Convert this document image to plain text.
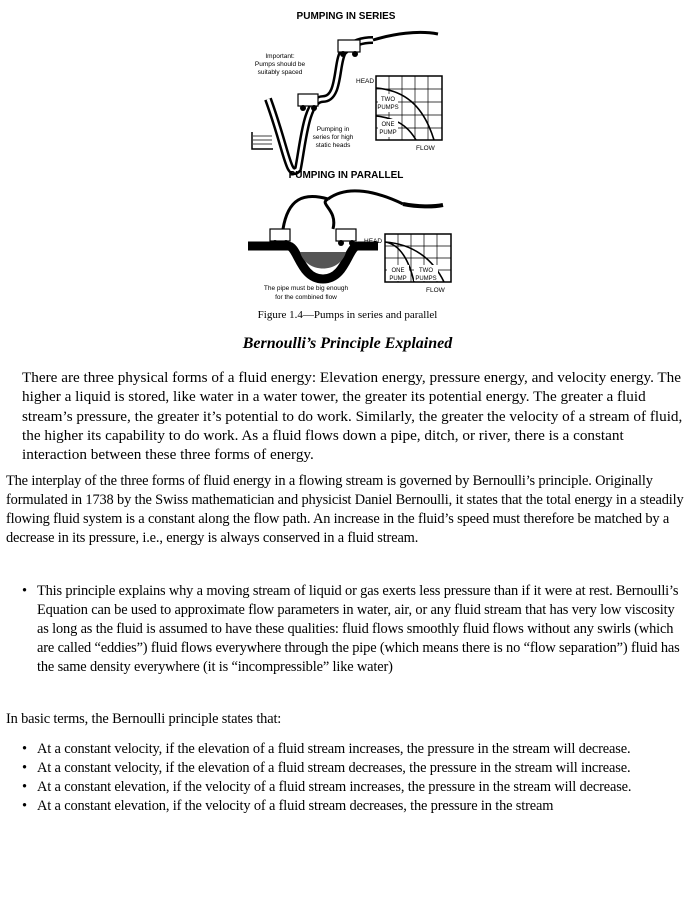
PUMPING IN SERIES
Important:
Pumps should be
suitably spaced
Pumping in
series for high
static heads
HEAD
TWO
PUMPS
ONE
PUMP
FLOW
PUMPING IN PARALLEL
HEAD
ONE
PUMP
TWO
PUMPS
FLOW
The pipe must be big enough
for the combined flow
Figure 1.4—Pumps in series and parallel
Bernoulli’s Principle Explained

There are three physical forms of a fluid energy: Elevation energy, pressure energy, and velocity energy. The higher a liquid is stored, like water in a water tower, the greater its potential energy. The greater a fluid stream’s pressure, the greater it’s potential to do work. Similarly, the greater the velocity of a stream of fluid, the higher its capability to do work. As a fluid flows down a pipe, ditch, or river, there is a constant interaction between these three forms of energy.

The interplay of the three forms of fluid energy in a flowing stream is governed by Bernoulli’s principle. Originally formulated in 1738 by the Swiss mathematician and physicist Daniel Bernoulli, it states that the total energy in a steadily flowing fluid system is a constant along the flow path. An increase in the fluid’s speed must therefore be matched by a decrease in its pressure, i.e., energy is always conserved in a fluid stream.

• This principle explains why a moving stream of liquid or gas exerts less pressure than if it were at rest. Bernoulli’s Equation can be used to approximate flow parameters in water, air, or any fluid stream that has very low viscosity as long as the fluid is assumed to have these qualities: fluid flows smoothly fluid flows without any swirls (which are called “eddies”) fluid flows everywhere through the pipe (which means there is no “flow separation”) fluid has the same density everywhere (it is “incompressible” like water)

In basic terms, the Bernoulli principle states that:

• At a constant velocity, if the elevation of a fluid stream increases, the pressure in the stream will decrease.
• At a constant velocity, if the elevation of a fluid stream decreases, the pressure in the stream will increase.
• At a constant elevation, if the velocity of a fluid stream increases, the pressure in the stream will decrease.
• At a constant elevation, if the velocity of a fluid stream decreases, the pressure in the stream
